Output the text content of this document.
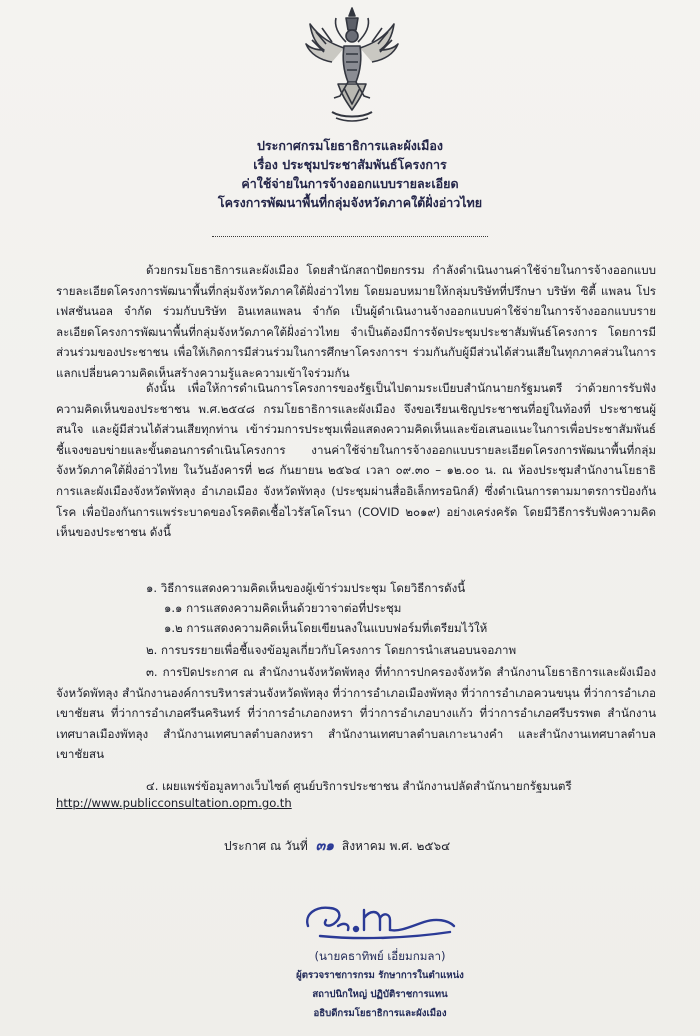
ประกาศกรมโยธาธิการและผังเมือง
เรื่อง ประชุมประชาสัมพันธ์โครงการ
ค่าใช้จ่ายในการจ้างออกแบบรายละเอียด
โครงการพัฒนาพื้นที่กลุ่มจังหวัดภาคใต้ฝั่งอ่าวไทย
ด้วยกรมโยธาธิการและผังเมือง โดยสำนักสถาปัตยกรรม กำลังดำเนินงานค่าใช้จ่ายในการจ้างออกแบบรายละเอียดโครงการพัฒนาพื้นที่กลุ่มจังหวัดภาคใต้ฝั่งอ่าวไทย โดยมอบหมายให้กลุ่มบริษัทที่ปรึกษา บริษัท ซิตี้ แพลน โปรเฟสชันนอล จำกัด ร่วมกับบริษัท อินเทลแพลน จำกัด เป็นผู้ดำเนินงานจ้างออกแบบค่าใช้จ่ายในการจ้างออกแบบรายละเอียดโครงการพัฒนาพื้นที่กลุ่มจังหวัดภาคใต้ฝั่งอ่าวไทย จำเป็นต้องมีการจัดประชุมประชาสัมพันธ์โครงการ โดยการมีส่วนร่วมของประชาชน เพื่อให้เกิดการมีส่วนร่วมในการศึกษาโครงการฯ ร่วมกันกับผู้มีส่วนได้ส่วนเสียในทุกภาคส่วนในการแลกเปลี่ยนความคิดเห็นสร้างความรู้และความเข้าใจร่วมกัน
ดังนั้น เพื่อให้การดำเนินการโครงการของรัฐเป็นไปตามระเบียบสำนักนายกรัฐมนตรี ว่าด้วยการรับฟังความคิดเห็นของประชาชน พ.ศ.๒๕๔๘ กรมโยธาธิการและผังเมือง จึงขอเรียนเชิญประชาชนที่อยู่ในท้องที่ ประชาชนผู้สนใจ และผู้มีส่วนได้ส่วนเสียทุกท่าน เข้าร่วมการประชุมเพื่อแสดงความคิดเห็นและข้อเสนอแนะในการเพื่อประชาสัมพันธ์ชี้แจงขอบข่ายและขั้นตอนการดำเนินโครงการ งานค่าใช้จ่ายในการจ้างออกแบบรายละเอียดโครงการพัฒนาพื้นที่กลุ่มจังหวัดภาคใต้ฝั่งอ่าวไทย ในวันอังคารที่ ๒๘ กันยายน ๒๕๖๔ เวลา ๐๙.๓๐ – ๑๒.๐๐ น. ณ ห้องประชุมสำนักงานโยธาธิการและผังเมืองจังหวัดพัทลุง อำเภอเมือง จังหวัดพัทลุง (ประชุมผ่านสื่ออิเล็กทรอนิกส์) ซึ่งดำเนินการตามมาตรการป้องกันโรค เพื่อป้องกันการแพร่ระบาดของโรคติดเชื้อไวรัสโคโรนา (COVID ๒๐๑๙) อย่างเคร่งครัด โดยมีวิธีการรับฟังความคิดเห็นของประชาชน ดังนี้
๑. วิธีการแสดงความคิดเห็นของผู้เข้าร่วมประชุม โดยวิธีการดังนี้
๑.๑ การแสดงความคิดเห็นด้วยวาจาต่อที่ประชุม
๑.๒ การแสดงความคิดเห็นโดยเขียนลงในแบบฟอร์มที่เตรียมไว้ให้
๒. การบรรยายเพื่อชี้แจงข้อมูลเกี่ยวกับโครงการ โดยการนำเสนอบนจอภาพ
๓. การปิดประกาศ ณ สำนักงานจังหวัดพัทลุง ที่ทำการปกครองจังหวัด สำนักงานโยธาธิการและผังเมืองจังหวัดพัทลุง สำนักงานองค์การบริหารส่วนจังหวัดพัทลุง ที่ว่าการอำเภอเมืองพัทลุง ที่ว่าการอำเภอควนขนุน ที่ว่าการอำเภอเขาชัยสน ที่ว่าการอำเภอศรีนครินทร์ ที่ว่าการอำเภอกงหรา ที่ว่าการอำเภอบางแก้ว ที่ว่าการอำเภอศรีบรรพต สำนักงานเทศบาลเมืองพัทลุง สำนักงานเทศบาลตำบลกงหรา สำนักงานเทศบาลตำบลเกาะนางคำ และสำนักงานเทศบาลตำบลเขาชัยสน
๔. เผยแพร่ข้อมูลทางเว็บไซต์ ศูนย์บริการประชาชน สำนักงานปลัดสำนักนายกรัฐมนตรี
http://www.publicconsultation.opm.go.th
ประกาศ ณ วันที่ ๓๑ สิงหาคม พ.ศ. ๒๕๖๔
(นายคธาทิพย์ เอี่ยมกมลา)
ผู้ตรวจราชการกรม รักษาการในตำแหน่ง
สถาปนิกใหญ่ ปฏิบัติราชการแทน
อธิบดีกรมโยธาธิการและผังเมือง
